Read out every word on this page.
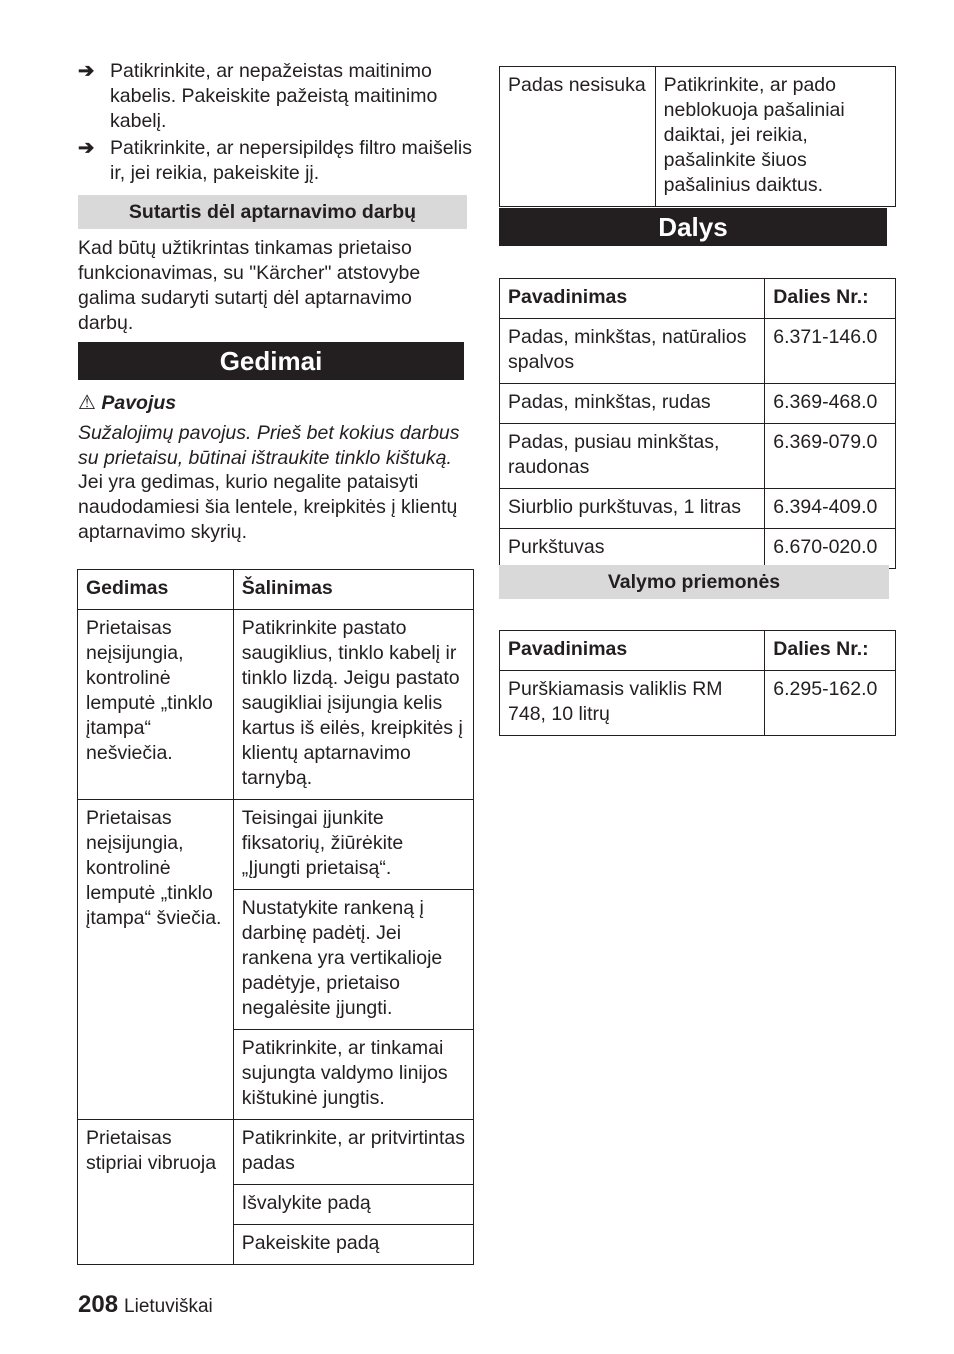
➔ Patikrinkite, ar nepažeistas maitinimo kabelis. Pakeiskite pažeistą maitinimo kabelį.
➔ Patikrinkite, ar nepersipildęs filtro maišelis ir, jei reikia, pakeiskite jį.
Sutartis dėl aptarnavimo darbų
Kad būtų užtikrintas tinkamas prietaiso funkcionavimas, su "Kärcher" atstovybe galima sudaryti sutartį dėl aptarnavimo darbų.
Gedimai
⚠ Pavojus
Sužalojimų pavojus. Prieš bet kokius darbus su prietaisu, būtinai ištraukite tinklo kištuką.
Jei yra gedimas, kurio negalite pataisyti naudodamiesi šia lentele, kreipkitės į klientų aptarnavimo skyrių.
Gedimas	Šalinimas
Prietaisas neįsijungia, kontrolinė lemputė „tinklo įtampa“ nešviečia.	Patikrinkite pastato saugiklius, tinklo kabelį ir tinklo lizdą. Jeigu pastato saugikliai įsijungia kelis kartus iš eilės, kreipkitės į klientų aptarnavimo tarnybą.
Prietaisas neįsijungia, kontrolinė lemputė „tinklo įtampa“ šviečia.	Teisingai įjunkite fiksatorių, žiūrėkite „Įjungti prietaisą“.
	Nustatykite rankeną į darbinę padėtį. Jei rankena yra vertikalioje padėtyje, prietaiso negalėsite įjungti.
	Patikrinkite, ar tinkamai sujungta valdymo linijos kištukinė jungtis.
Prietaisas stipriai vibruoja	Patikrinkite, ar pritvirtintas padas
	Išvalykite padą
	Pakeiskite padą
Padas nesisuka	Patikrinkite, ar pado neblokuoja pašaliniai daiktai, jei reikia, pašalinkite šiuos pašalinius daiktus.
Dalys
Pavadinimas	Dalies Nr.:
Padas, minkštas, natūralios spalvos	6.371-146.0
Padas, minkštas, rudas	6.369-468.0
Padas, pusiau minkštas, raudonas	6.369-079.0
Siurblio purkštuvas, 1 litras	6.394-409.0
Purkštuvas	6.670-020.0
Valymo priemonės
Pavadinimas	Dalies Nr.:
Purškiamasis valiklis RM 748, 10 litrų	6.295-162.0
208 Lietuviškai
